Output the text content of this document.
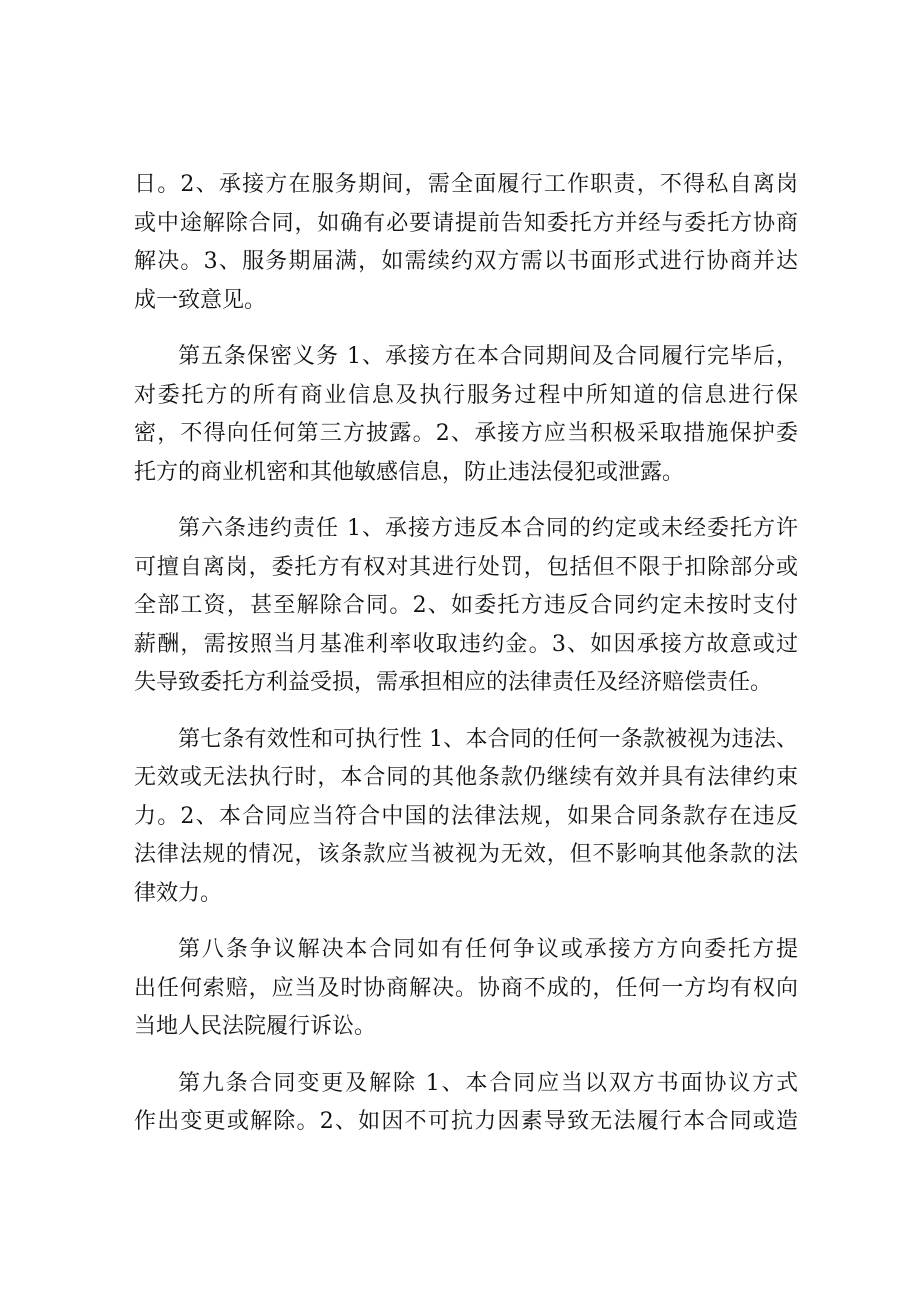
日。2、承接方在服务期间，需全面履行工作职责，不得私自离岗
或中途解除合同，如确有必要请提前告知委托方并经与委托方协商
解决。3、服务期届满，如需续约双方需以书面形式进行协商并达
成一致意见。

第五条保密义务 1、承接方在本合同期间及合同履行完毕后，
对委托方的所有商业信息及执行服务过程中所知道的信息进行保
密，不得向任何第三方披露。2、承接方应当积极采取措施保护委
托方的商业机密和其他敏感信息，防止违法侵犯或泄露。

第六条违约责任 1、承接方违反本合同的约定或未经委托方许
可擅自离岗，委托方有权对其进行处罚，包括但不限于扣除部分或
全部工资，甚至解除合同。2、如委托方违反合同约定未按时支付
薪酬，需按照当月基准利率收取违约金。3、如因承接方故意或过
失导致委托方利益受损，需承担相应的法律责任及经济赔偿责任。

第七条有效性和可执行性 1、本合同的任何一条款被视为违法、
无效或无法执行时，本合同的其他条款仍继续有效并具有法律约束
力。2、本合同应当符合中国的法律法规，如果合同条款存在违反
法律法规的情况，该条款应当被视为无效，但不影响其他条款的法
律效力。

第八条争议解决本合同如有任何争议或承接方方向委托方提
出任何索赔，应当及时协商解决。协商不成的，任何一方均有权向
当地人民法院履行诉讼。

第九条合同变更及解除 1、本合同应当以双方书面协议方式
作出变更或解除。2、如因不可抗力因素导致无法履行本合同或造
